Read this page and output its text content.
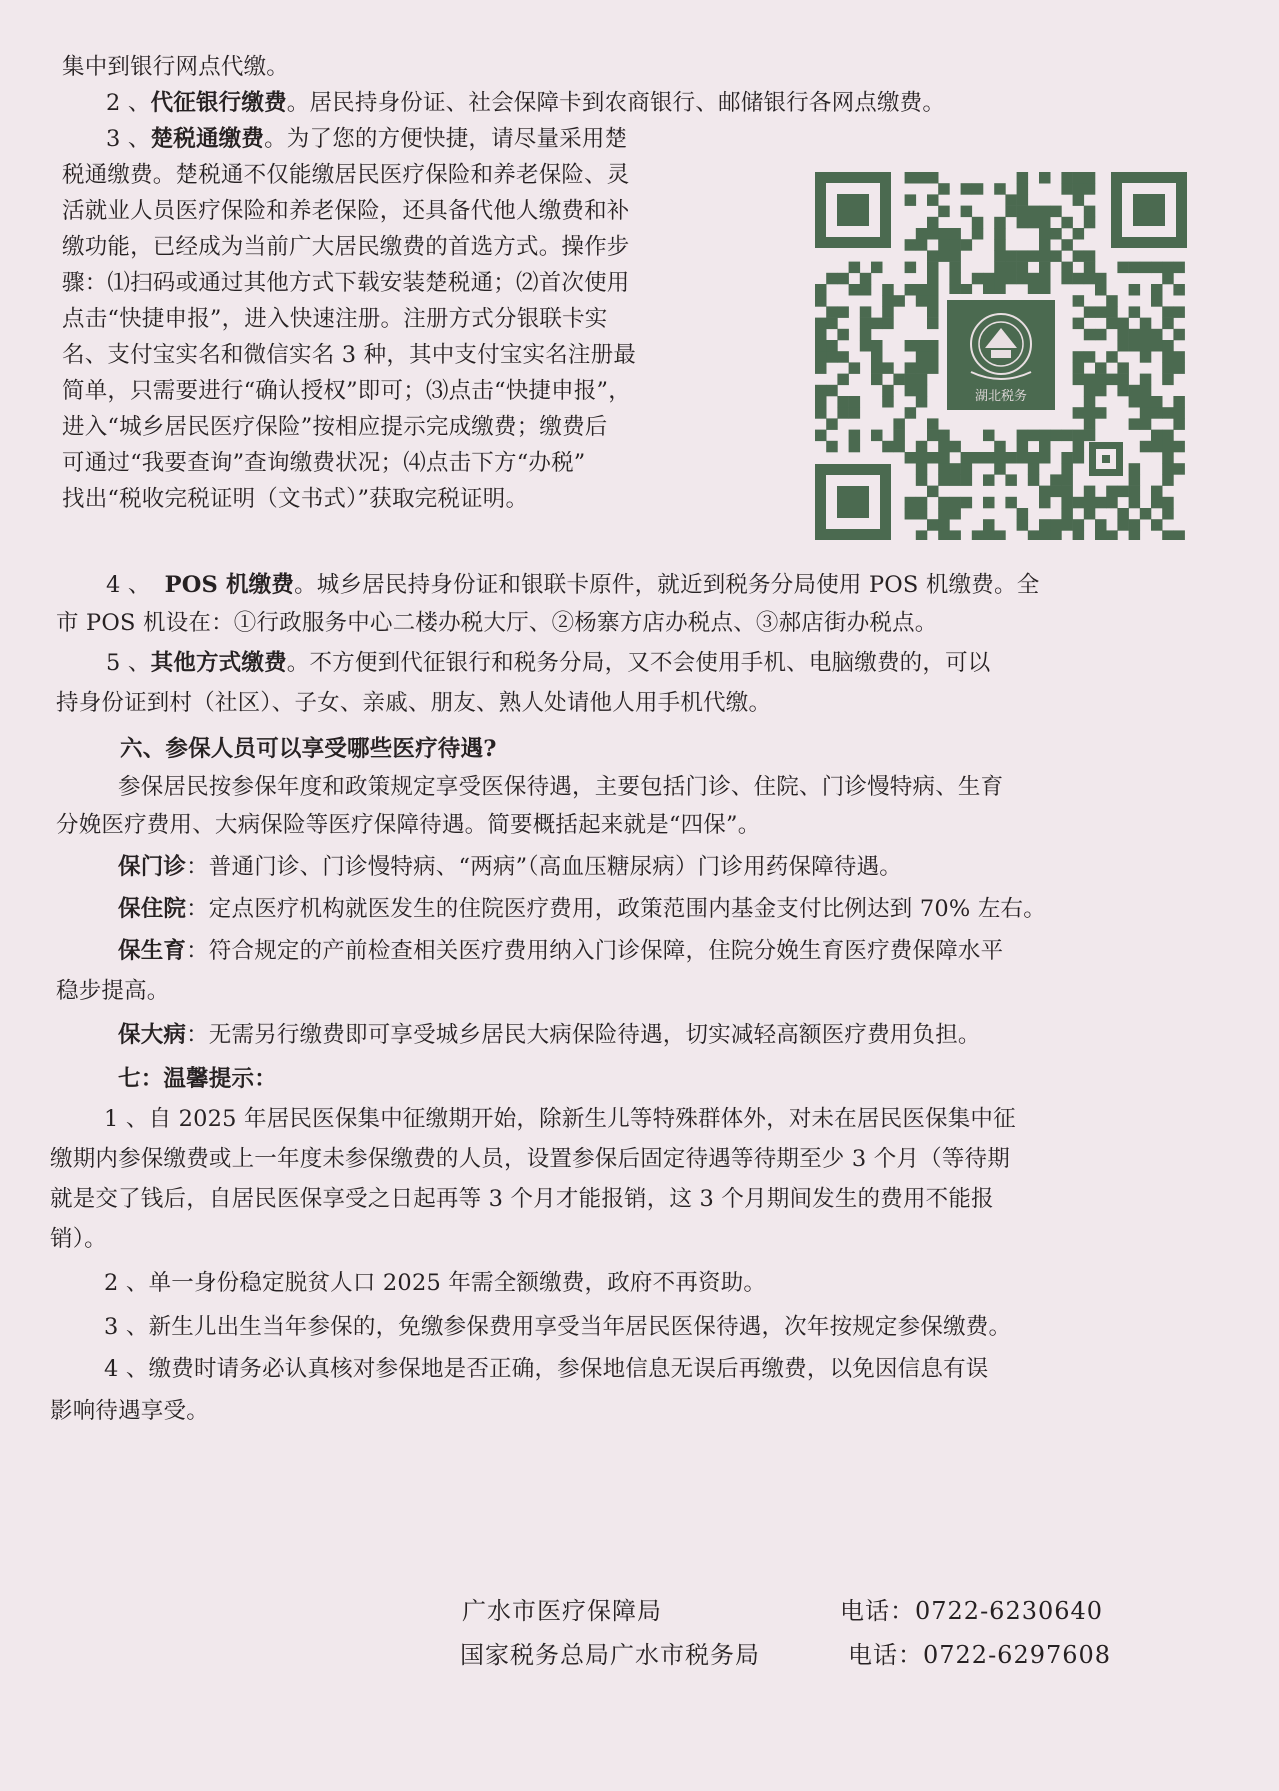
集中到银行网点代缴。
2 、代征银行缴费。居民持身份证、社会保障卡到农商银行、邮储银行各网点缴费。
3 、楚税通缴费。为了您的方便快捷，请尽量采用楚
税通缴费。楚税通不仅能缴居民医疗保险和养老保险、灵
活就业人员医疗保险和养老保险，还具备代他人缴费和补
缴功能，已经成为当前广大居民缴费的首选方式。操作步
骤：⑴扫码或通过其他方式下载安装楚税通；⑵首次使用
点击“快捷申报”，进入快速注册。注册方式分银联卡实
名、支付宝实名和微信实名 3 种，其中支付宝实名注册最
简单，只需要进行“确认授权”即可；⑶点击“快捷申报”，
进入“城乡居民医疗保险”按相应提示完成缴费；缴费后
可通过“我要查询”查询缴费状况；⑷点击下方“办税”
找出“税收完税证明（文书式）”获取完税证明。
湖北税务
4 、 POS 机缴费。城乡居民持身份证和银联卡原件，就近到税务分局使用 POS 机缴费。全
市 POS 机设在：①行政服务中心二楼办税大厅、②杨寨方店办税点、③郝店街办税点。
5 、其他方式缴费。不方便到代征银行和税务分局，又不会使用手机、电脑缴费的，可以
持身份证到村（社区）、子女、亲戚、朋友、熟人处请他人用手机代缴。
六、参保人员可以享受哪些医疗待遇?
参保居民按参保年度和政策规定享受医保待遇，主要包括门诊、住院、门诊慢特病、生育
分娩医疗费用、大病保险等医疗保障待遇。简要概括起来就是“四保”。
保门诊：普通门诊、门诊慢特病、“两病”（高血压糖尿病）门诊用药保障待遇。
保住院：定点医疗机构就医发生的住院医疗费用，政策范围内基金支付比例达到 70% 左右。
保生育：符合规定的产前检查相关医疗费用纳入门诊保障，住院分娩生育医疗费保障水平
稳步提高。
保大病：无需另行缴费即可享受城乡居民大病保险待遇，切实减轻高额医疗费用负担。
七：温馨提示：
1 、自 2025 年居民医保集中征缴期开始，除新生儿等特殊群体外，对未在居民医保集中征
缴期内参保缴费或上一年度未参保缴费的人员，设置参保后固定待遇等待期至少 3 个月（等待期
就是交了钱后，自居民医保享受之日起再等 3 个月才能报销，这 3 个月期间发生的费用不能报
销）。
2 、单一身份稳定脱贫人口 2025 年需全额缴费，政府不再资助。
3 、新生儿出生当年参保的，免缴参保费用享受当年居民医保待遇，次年按规定参保缴费。
4 、缴费时请务必认真核对参保地是否正确，参保地信息无误后再缴费，以免因信息有误
影响待遇享受。
广水市医疗保障局	电话：0722-6230640
国家税务总局广水市税务局	电话：0722-6297608
